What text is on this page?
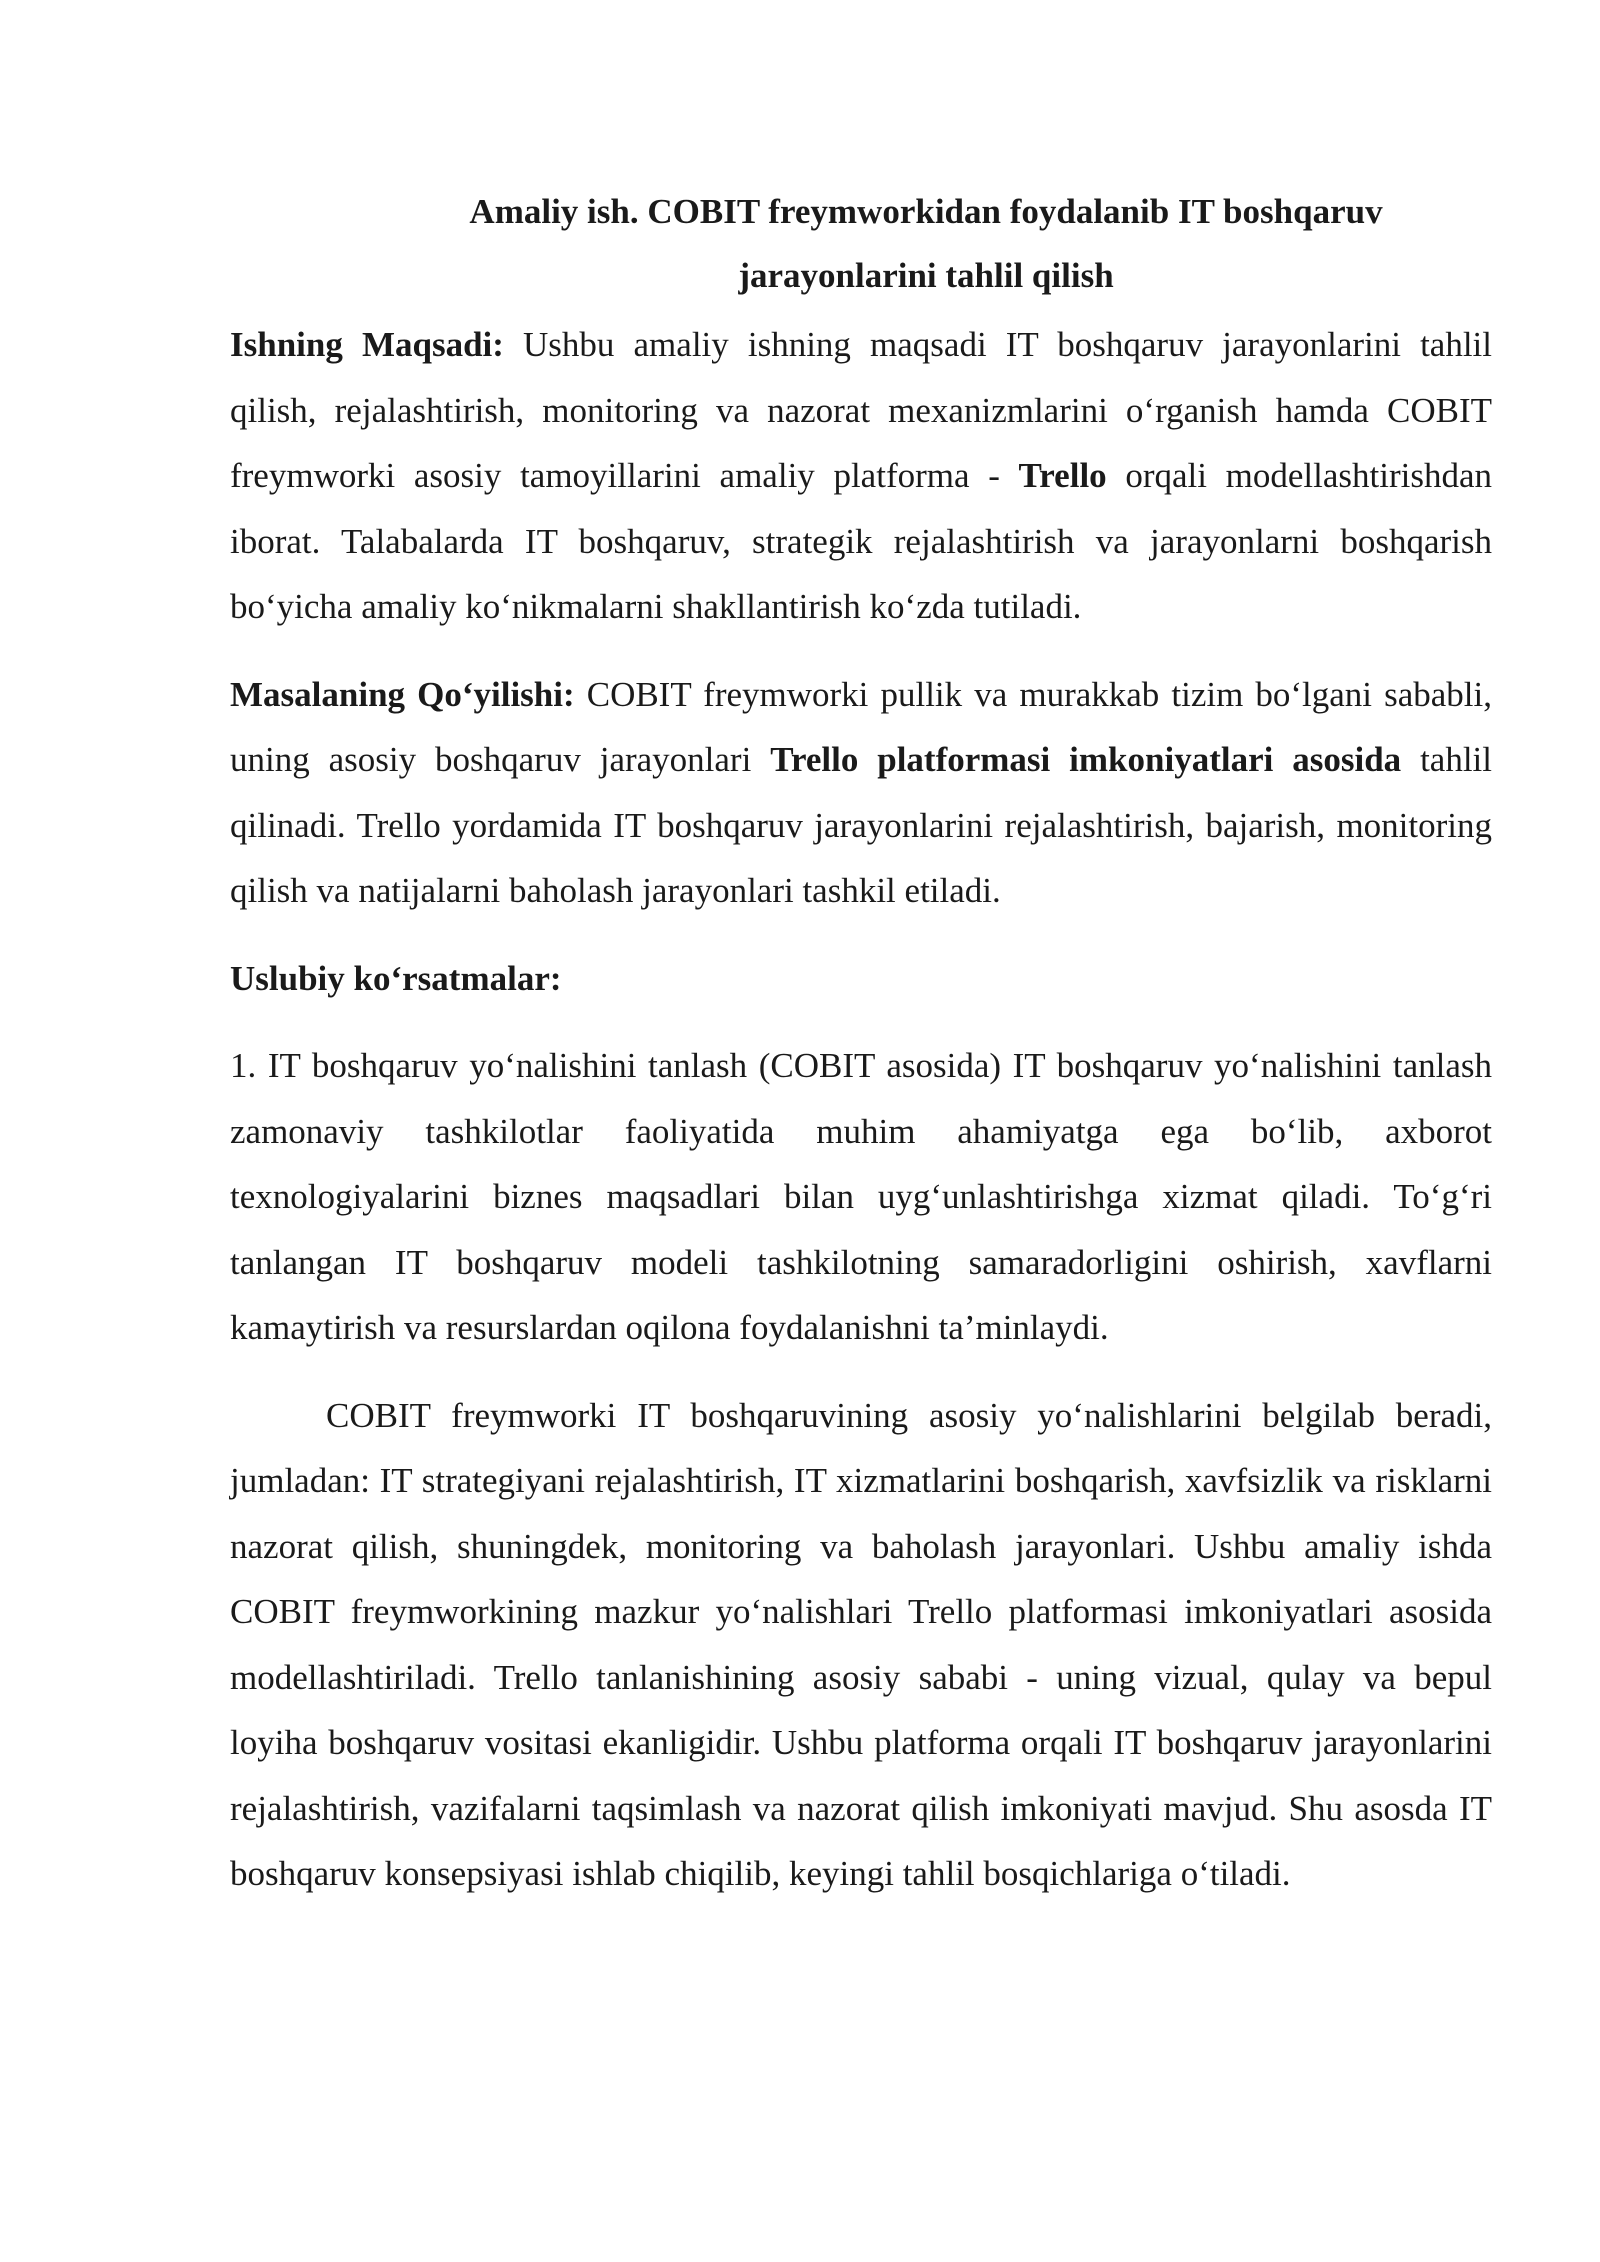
Amaliy ish. COBIT freymworkidan foydalanib IT boshqaruv
jarayonlarini tahlil qilish

Ishning Maqsadi: Ushbu amaliy ishning maqsadi IT boshqaruv jarayonlarini tahlil qilish, rejalashtirish, monitoring va nazorat mexanizmlarini o‘rganish hamda COBIT freymworki asosiy tamoyillarini amaliy platforma - Trello orqali modellashtirishdan iborat. Talabalarda IT boshqaruv, strategik rejalashtirish va jarayonlarni boshqarish bo‘yicha amaliy ko‘nikmalarni shakllantirish ko‘zda tutiladi.

Masalaning Qo‘yilishi: COBIT freymworki pullik va murakkab tizim bo‘lgani sababli, uning asosiy boshqaruv jarayonlari Trello platformasi imkoniyatlari asosida tahlil qilinadi. Trello yordamida IT boshqaruv jarayonlarini rejalashtirish, bajarish, monitoring qilish va natijalarni baholash jarayonlari tashkil etiladi.

Uslubiy ko‘rsatmalar:

1. IT boshqaruv yo‘nalishini tanlash (COBIT asosida) IT boshqaruv yo‘nalishini tanlash zamonaviy tashkilotlar faoliyatida muhim ahamiyatga ega bo‘lib, axborot texnologiyalarini biznes maqsadlari bilan uyg‘unlashtirishga xizmat qiladi. To‘g‘ri tanlangan IT boshqaruv modeli tashkilotning samaradorligini oshirish, xavflarni kamaytirish va resurslardan oqilona foydalanishni ta’minlaydi.

COBIT freymworki IT boshqaruvining asosiy yo‘nalishlarini belgilab beradi, jumladan: IT strategiyani rejalashtirish, IT xizmatlarini boshqarish, xavfsizlik va risklarni nazorat qilish, shuningdek, monitoring va baholash jarayonlari. Ushbu amaliy ishda COBIT freymworkining mazkur yo‘nalishlari Trello platformasi imkoniyatlari asosida modellashtiriladi. Trello tanlanishining asosiy sababi - uning vizual, qulay va bepul loyiha boshqaruv vositasi ekanligidir. Ushbu platforma orqali IT boshqaruv jarayonlarini rejalashtirish, vazifalarni taqsimlash va nazorat qilish imkoniyati mavjud. Shu asosda IT boshqaruv konsepsiyasi ishlab chiqilib, keyingi tahlil bosqichlariga o‘tiladi.
